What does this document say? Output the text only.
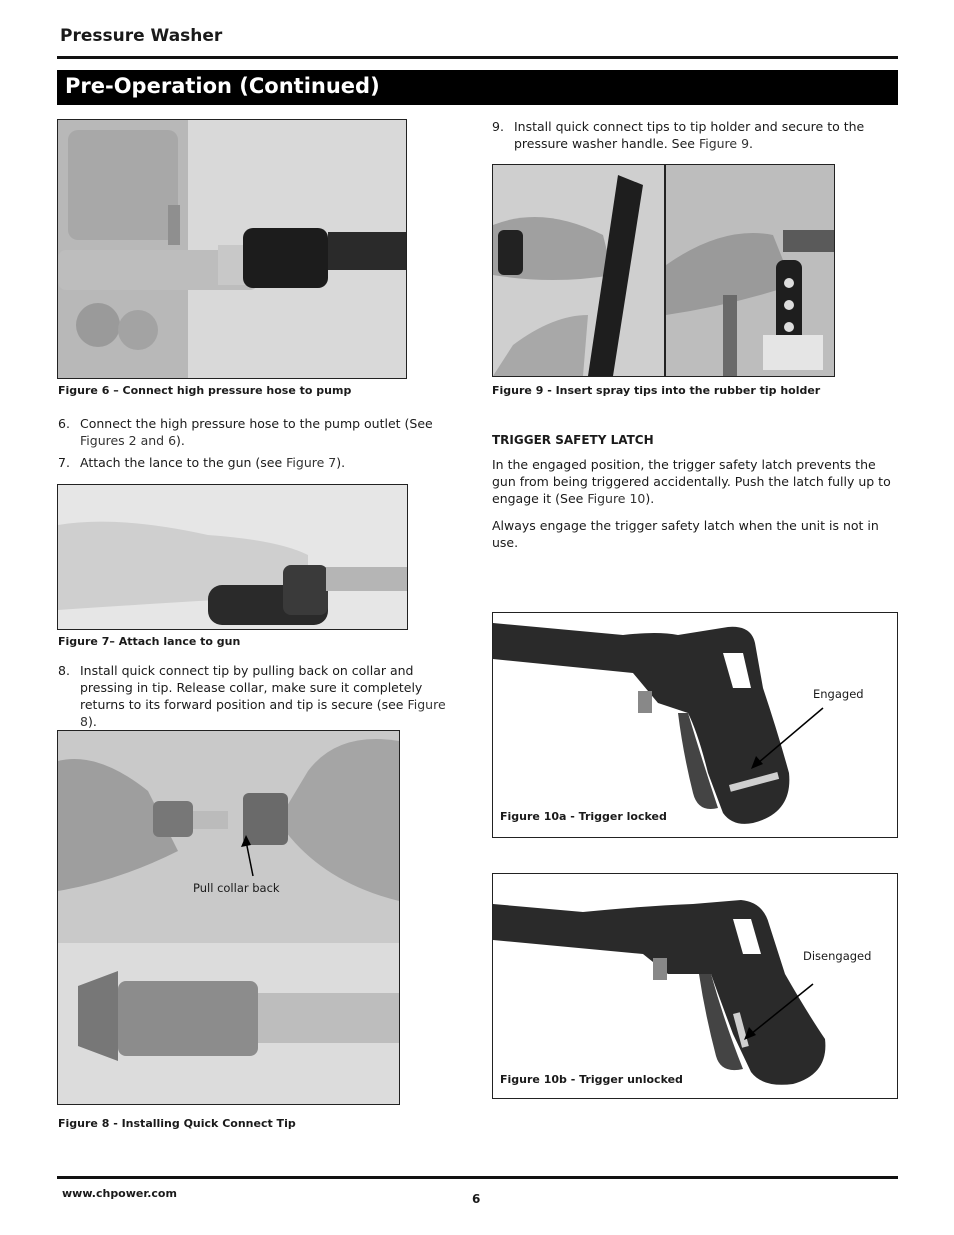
Pressure Washer
Pre-Operation (Continued)
Figure 6 – Connect high pressure hose to pump
6. Connect the high pressure hose to the pump outlet (See Figures 2 and 6).
7. Attach the lance to the gun (see Figure 7).
Figure 7– Attach lance to gun
8. Install quick connect tip by pulling back on collar and pressing in tip. Release collar, make sure it completely returns to its forward position and tip is secure (see Figure 8).
Pull collar back
Figure 8 - Installing Quick Connect Tip
9. Install quick connect tips to tip holder and secure to the pressure washer handle. See Figure 9.
Figure 9 - Insert spray tips into the rubber tip holder
TRIGGER SAFETY LATCH
In the engaged position, the trigger safety latch prevents the gun from being triggered accidentally. Push the latch fully up to engage it (See Figure 10).
Always engage the trigger safety latch when the unit is not in use.
Engaged
Figure 10a - Trigger locked
Disengaged
Figure 10b - Trigger unlocked
www.chpower.com	6
